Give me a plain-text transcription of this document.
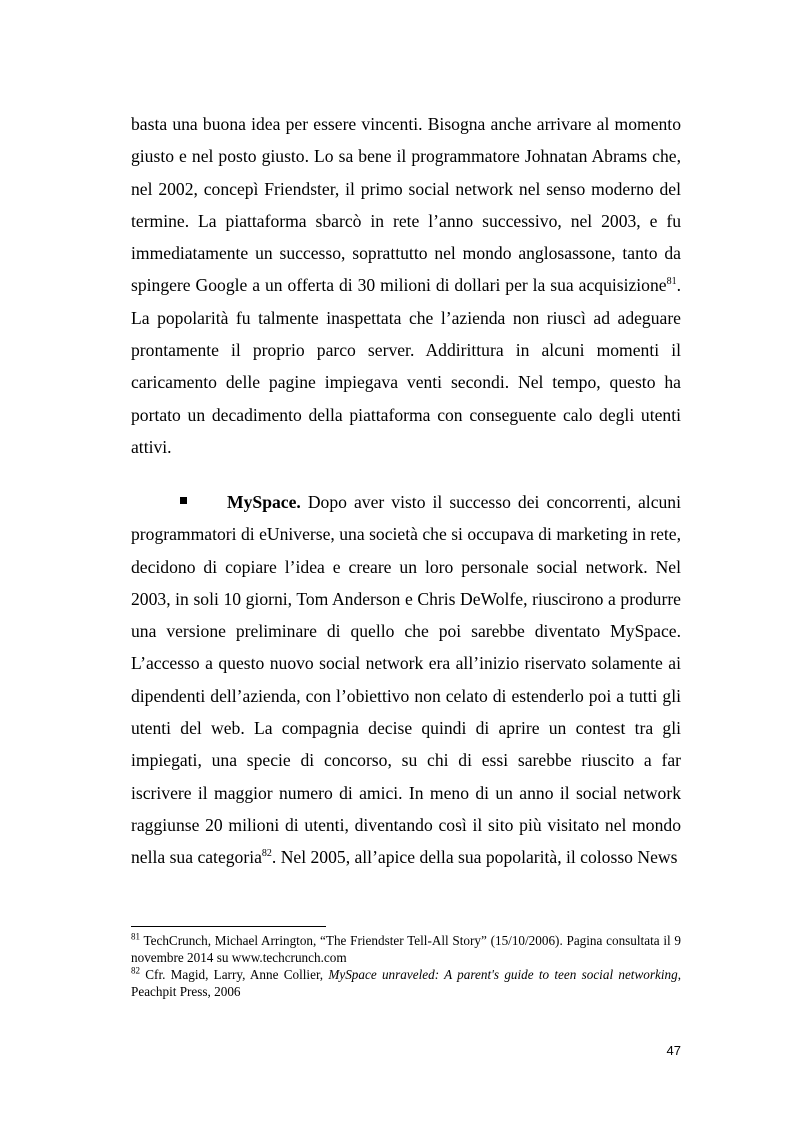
basta una buona idea per essere vincenti. Bisogna anche arrivare al momento giusto e nel posto giusto. Lo sa bene il programmatore Johnatan Abrams che, nel 2002, concepì Friendster, il primo social network nel senso moderno del termine. La piattaforma sbarcò in rete l’anno successivo, nel 2003, e fu immediatamente un successo, soprattutto nel mondo anglosassone, tanto da spingere Google a un offerta di 30 milioni di dollari per la sua acquisizione$^{81}$. La popolarità fu talmente inaspettata che l’azienda non riuscì ad adeguare prontamente il proprio parco server. Addirittura in alcuni momenti il caricamento delle pagine impiegava venti secondi. Nel tempo, questo ha portato un decadimento della piattaforma con conseguente calo degli utenti attivi.

MySpace. Dopo aver visto il successo dei concorrenti, alcuni programmatori di eUniverse, una società che si occupava di marketing in rete, decidono di copiare l’idea e creare un loro personale social network. Nel 2003, in soli 10 giorni, Tom Anderson e Chris DeWolfe, riuscirono a produrre una versione preliminare di quello che poi sarebbe diventato MySpace. L’accesso a questo nuovo social network era all’inizio riservato solamente ai dipendenti dell’azienda, con l’obiettivo non celato di estenderlo poi a tutti gli utenti del web. La compagnia decise quindi di aprire un contest tra gli impiegati, una specie di concorso, su chi di essi sarebbe riuscito a far iscrivere il maggior numero di amici. In meno di un anno il social network raggiunse 20 milioni di utenti, diventando così il sito più visitato nel mondo nella sua categoria$^{82}$. Nel 2005, all’apice della sua popolarità, il colosso News

$^{81}$ TechCrunch, Michael Arrington, “The Friendster Tell-All Story” (15/10/2006). Pagina consultata il 9 novembre 2014 su www.techcrunch.com

$^{82}$ Cfr. Magid, Larry, Anne Collier, MySpace unraveled: A parent's guide to teen social networking, Peachpit Press, 2006

47
